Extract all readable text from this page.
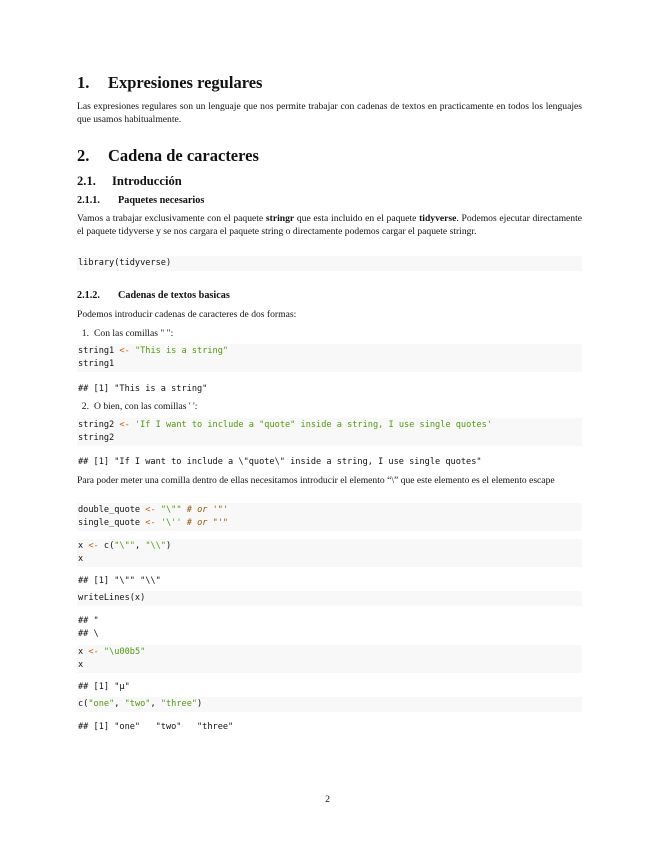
1. Expresiones regulares
Las expresiones regulares son un lenguaje que nos permite trabajar con cadenas de textos en practicamente en todos los lenguajes que usamos habitualmente.
2. Cadena de caracteres
2.1. Introducción
2.1.1. Paquetes necesarios
Vamos a trabajar exclusivamente con el paquete stringr que esta incluido en el paquete tidyverse. Podemos ejecutar directamente el paquete tidyverse y se nos cargara el paquete string o directamente podemos cargar el paquete stringr.
library(tidyverse)
2.1.2. Cadenas de textos basicas
Podemos introducir cadenas de caracteres de dos formas:
1. Con las comillas " ":
string1 <- "This is a string"
string1
## [1] "This is a string"
2. O bien, con las comillas ' ':
string2 <- 'If I want to include a "quote" inside a string, I use single quotes'
string2
## [1] "If I want to include a \"quote\" inside a string, I use single quotes"
Para poder meter una comilla dentro de ellas necesitamos introducir el elemento “\” que este elemento es el elemento escape
double_quote <- "\"" # or '"'
single_quote <- '\'' # or "'"
x <- c("\"", "\\")
x
## [1] "\"" "\\"
writeLines(x)
## "
## \
x <- "\u00b5"
x
## [1] "µ"
c("one", "two", "three")
## [1] "one"   "two"   "three"
2
